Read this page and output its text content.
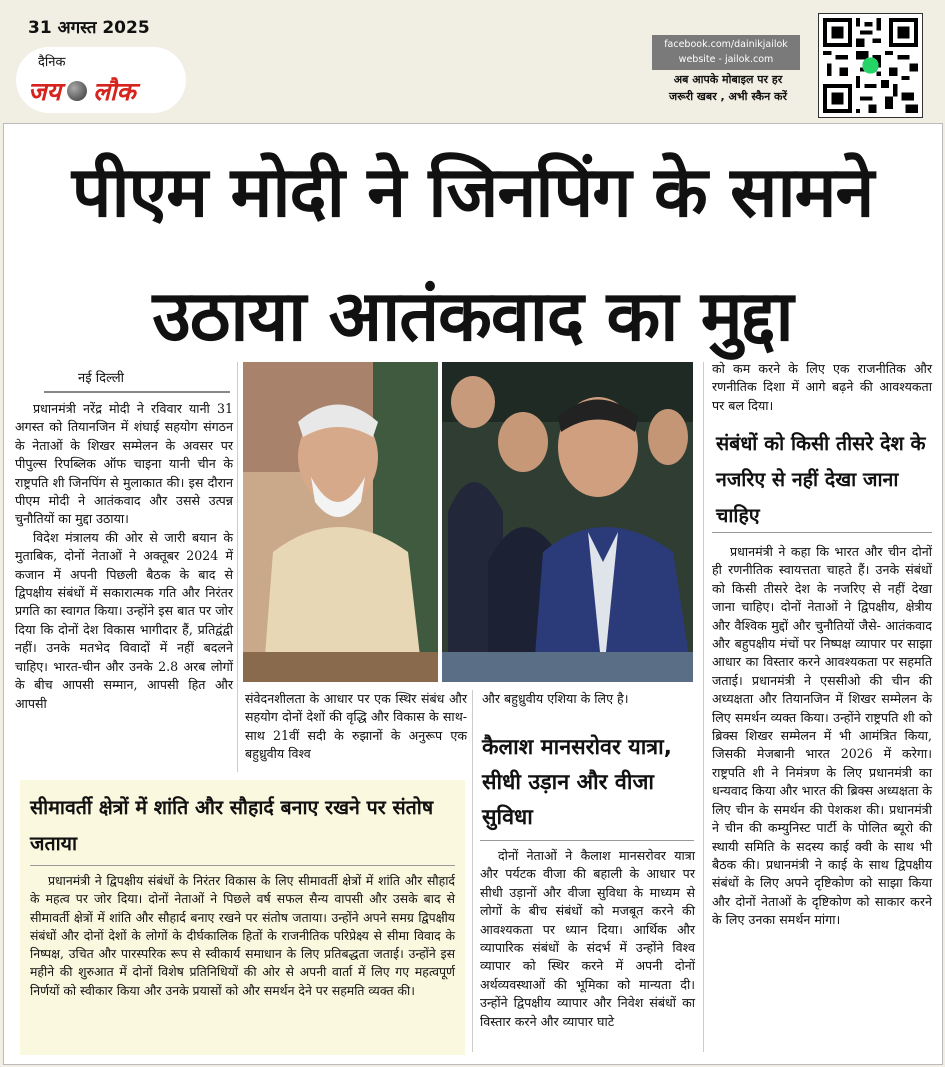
31 अगस्त 2025
दैनिक
जय लौक
facebook.com/dainikjailok
website - jailok.com
अब आपके मोबाइल पर हर
जरूरी खबर , अभी स्कैन करें
पीएम मोदी ने जिनपिंग के सामने
उठाया आतंकवाद का मुद्दा
नई दिल्ली

प्रधानमंत्री नरेंद्र मोदी ने रविवार यानी 31 अगस्त को तियानजिन में शंघाई सहयोग संगठन के नेताओं के शिखर सम्मेलन के अवसर पर पीपुल्स रिपब्लिक ऑफ चाइना यानी चीन के राष्ट्रपति शी जिनपिंग से मुलाकात की। इस दौरान पीएम मोदी ने आतंकवाद और उससे उत्पन्न चुनौतियों का मुद्दा उठाया।

विदेश मंत्रालय की ओर से जारी बयान के मुताबिक, दोनों नेताओं ने अक्तूबर 2024 में कजान में अपनी पिछली बैठक के बाद से द्विपक्षीय संबंधों में सकारात्मक गति और निरंतर प्रगति का स्वागत किया। उन्होंने इस बात पर जोर दिया कि दोनों देश विकास भागीदार हैं, प्रतिद्वंद्वी नहीं। उनके मतभेद विवादों में नहीं बदलने चाहिए। भारत-चीन और उनके 2.8 अरब लोगों के बीच आपसी सम्मान, आपसी हित और आपसी	संवेदनशीलता के आधार पर एक स्थिर संबंध और सहयोग दोनों देशों की वृद्धि और विकास के साथ-साथ 21वीं सदी के रुझानों के अनुरूप एक बहुध्रुवीय विश्व

और बहुध्रुवीय एशिया के लिए है।

कैलाश मानसरोवर यात्रा, सीधी उड़ान और वीजा सुविधा

दोनों नेताओं ने कैलाश मानसरोवर यात्रा और पर्यटक वीजा की बहाली के आधार पर सीधी उड़ानों और वीजा सुविधा के माध्यम से लोगों के बीच संबंधों को मजबूत करने की आवश्यकता पर ध्यान दिया। आर्थिक और व्यापारिक संबंधों के संदर्भ में उन्होंने विश्व व्यापार को स्थिर करने में अपनी दोनों अर्थव्यवस्थाओं की भूमिका को मान्यता दी। उन्होंने द्विपक्षीय व्यापार और निवेश संबंधों का विस्तार करने और व्यापार घाटे

को कम करने के लिए एक राजनीतिक और रणनीतिक दिशा में आगे बढ़ने की आवश्यकता पर बल दिया।

संबंधों को किसी तीसरे देश के नजरिए से नहीं देखा जाना चाहिए

प्रधानमंत्री ने कहा कि भारत और चीन दोनों ही रणनीतिक स्वायत्तता चाहते हैं। उनके संबंधों को किसी तीसरे देश के नजरिए से नहीं देखा जाना चाहिए। दोनों नेताओं ने द्विपक्षीय, क्षेत्रीय और वैश्विक मुद्दों और चुनौतियों जैसे- आतंकवाद और बहुपक्षीय मंचों पर निष्पक्ष व्यापार पर साझा आधार का विस्तार करने आवश्यकता पर सहमति जताई। प्रधानमंत्री ने एससीओ की चीन की अध्यक्षता और तियानजिन में शिखर सम्मेलन के लिए समर्थन व्यक्त किया। उन्होंने राष्ट्रपति शी को ब्रिक्स शिखर सम्मेलन में भी आमंत्रित किया, जिसकी मेजबानी भारत 2026 में करेगा। राष्ट्रपति शी ने निमंत्रण के लिए प्रधानमंत्री का धन्यवाद किया और भारत की ब्रिक्स अध्यक्षता के लिए चीन के समर्थन की पेशकश की। प्रधानमंत्री ने चीन की कम्युनिस्ट पार्टी के पोलित ब्यूरो की स्थायी समिति के सदस्य काई क्वी के साथ भी बैठक की। प्रधानमंत्री ने काई के साथ द्विपक्षीय संबंधों के लिए अपने दृष्टिकोण को साझा किया और दोनों नेताओं के दृष्टिकोण को साकार करने के लिए उनका समर्थन मांगा।

सीमावर्ती क्षेत्रों में शांति और सौहार्द बनाए रखने पर संतोष जताया

प्रधानमंत्री ने द्विपक्षीय संबंधों के निरंतर विकास के लिए सीमावर्ती क्षेत्रों में शांति और सौहार्द के महत्व पर जोर दिया। दोनों नेताओं ने पिछले वर्ष सफल सैन्य वापसी और उसके बाद से सीमावर्ती क्षेत्रों में शांति और सौहार्द बनाए रखने पर संतोष जताया। उन्होंने अपने समग्र द्विपक्षीय संबंधों और दोनों देशों के लोगों के दीर्घकालिक हितों के राजनीतिक परिप्रेक्ष्य से सीमा विवाद के निष्पक्ष, उचित और पारस्परिक रूप से स्वीकार्य समाधान के लिए प्रतिबद्धता जताई। उन्होंने इस महीने की शुरुआत में दोनों विशेष प्रतिनिधियों की ओर से अपनी वार्ता में लिए गए महत्वपूर्ण निर्णयों को स्वीकार किया और उनके प्रयासों को और समर्थन देने पर सहमति व्यक्त की।
